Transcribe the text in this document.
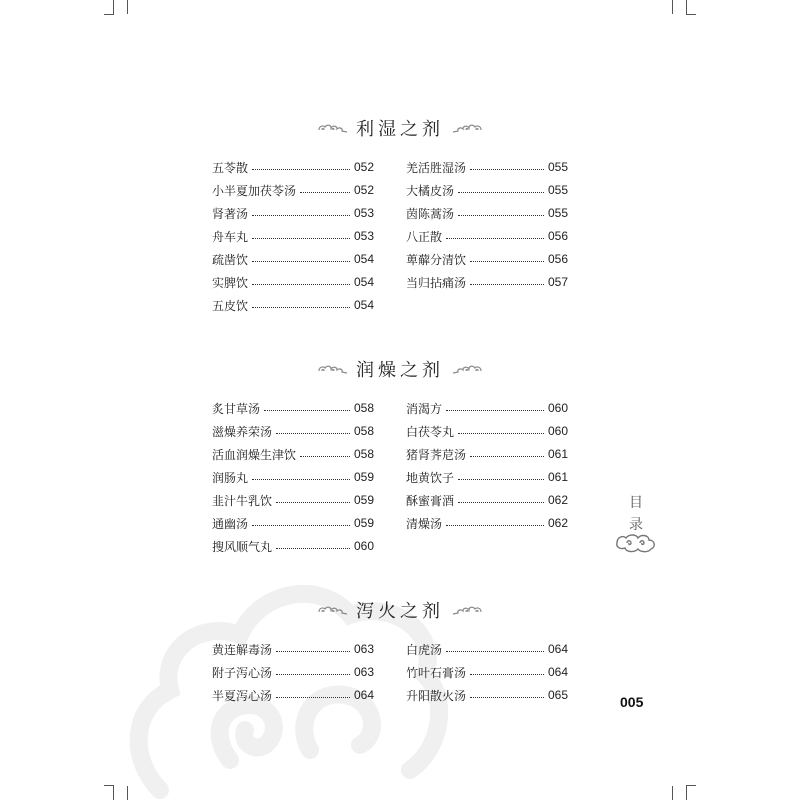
利湿之剂
五苓散	052
小半夏加茯苓汤	052
肾著汤	053
舟车丸	053
疏凿饮	054
实脾饮	054
五皮饮	054
羌活胜湿汤	055
大橘皮汤	055
茵陈蒿汤	055
八正散	056
萆薢分清饮	056
当归拈痛汤	057
润燥之剂
炙甘草汤	058
滋燥养荣汤	058
活血润燥生津饮	058
润肠丸	059
韭汁牛乳饮	059
通幽汤	059
搜风顺气丸	060
消渴方	060
白茯苓丸	060
猪肾荠苨汤	061
地黄饮子	061
酥蜜膏酒	062
清燥汤	062
泻火之剂
黄连解毒汤	063
附子泻心汤	063
半夏泻心汤	064
白虎汤	064
竹叶石膏汤	064
升阳散火汤	065
目
录
005
